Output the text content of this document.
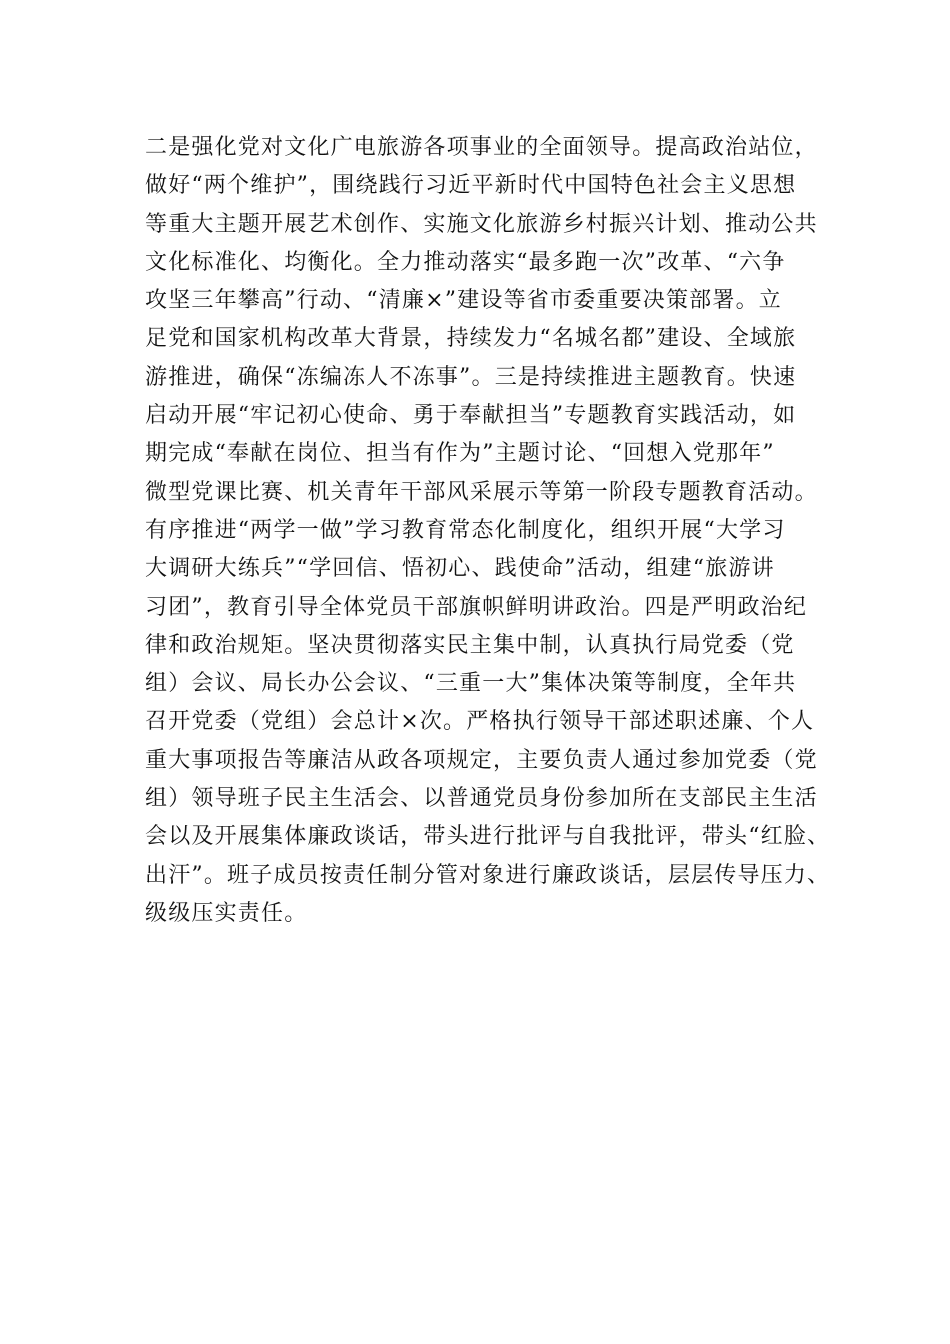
二是强化党对文化广电旅游各项事业的全面领导。提高政治站位，
做好“两个维护”，围绕践行习近平新时代中国特色社会主义思想
等重大主题开展艺术创作、实施文化旅游乡村振兴计划、推动公共
文化标准化、均衡化。全力推动落实“最多跑一次”改革、“六争
攻坚三年攀高”行动、“清廉×”建设等省市委重要决策部署。立
足党和国家机构改革大背景，持续发力“名城名都”建设、全域旅
游推进，确保“冻编冻人不冻事”。三是持续推进主题教育。快速
启动开展“牢记初心使命、勇于奉献担当”专题教育实践活动，如
期完成“奉献在岗位、担当有作为”主题讨论、“回想入党那年”
微型党课比赛、机关青年干部风采展示等第一阶段专题教育活动。
有序推进“两学一做”学习教育常态化制度化，组织开展“大学习
大调研大练兵”“学回信、悟初心、践使命”活动，组建“旅游讲
习团”，教育引导全体党员干部旗帜鲜明讲政治。四是严明政治纪
律和政治规矩。坚决贯彻落实民主集中制，认真执行局党委（党
组）会议、局长办公会议、“三重一大”集体决策等制度，全年共
召开党委（党组）会总计×次。严格执行领导干部述职述廉、个人
重大事项报告等廉洁从政各项规定，主要负责人通过参加党委（党
组）领导班子民主生活会、以普通党员身份参加所在支部民主生活
会以及开展集体廉政谈话，带头进行批评与自我批评，带头“红脸、
出汗”。班子成员按责任制分管对象进行廉政谈话，层层传导压力、
级级压实责任。
